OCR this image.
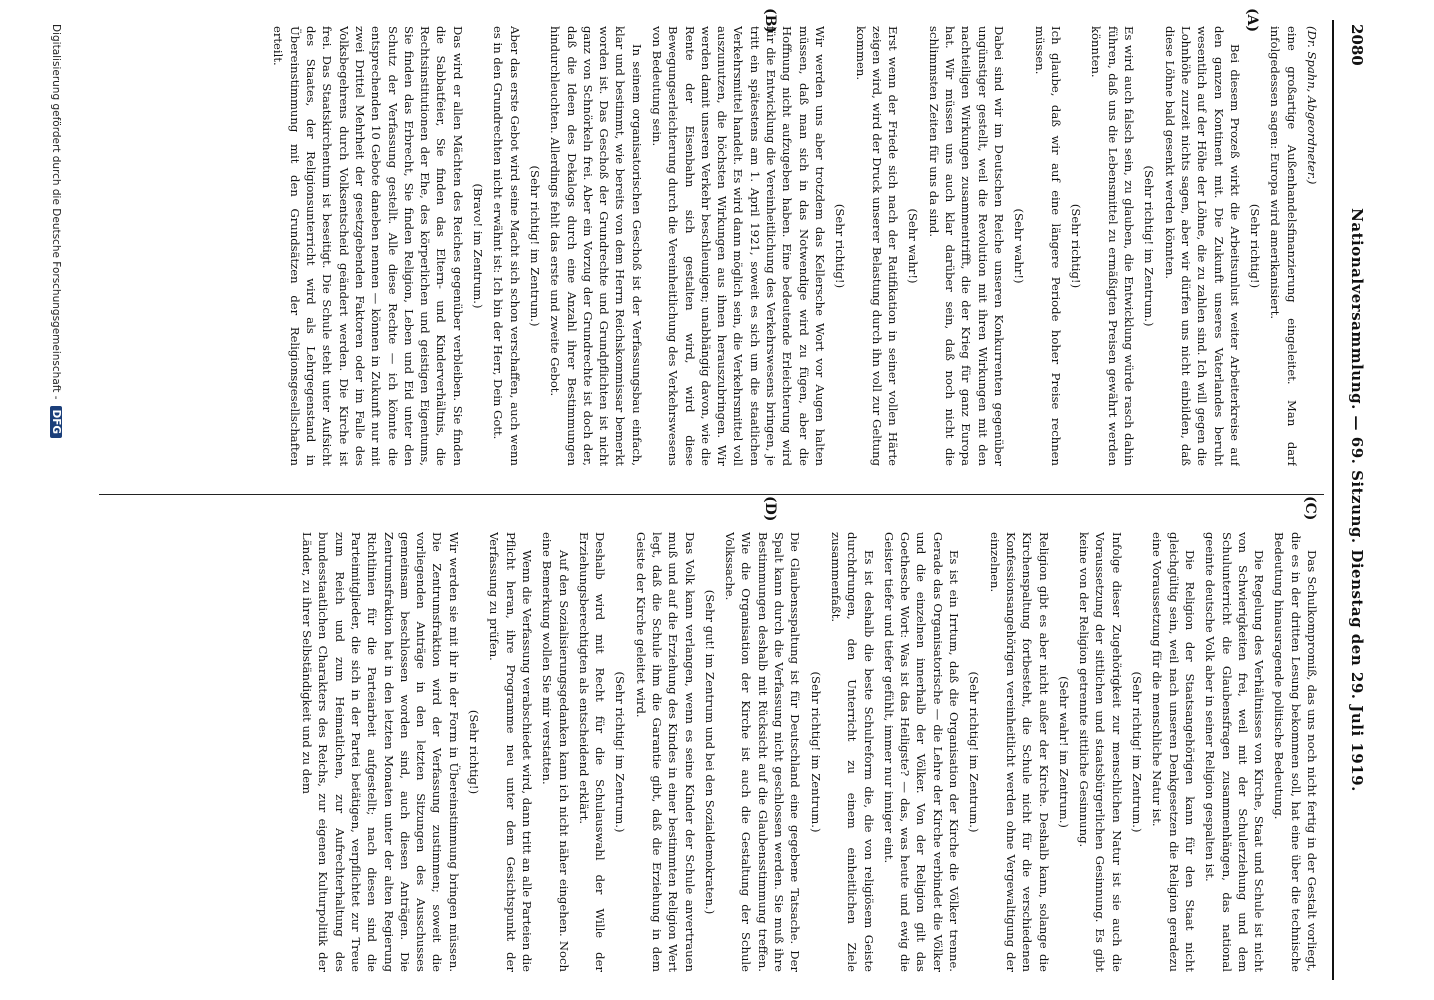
2080
Nationalversammlung. — 69. Sitzung. Dienstag den 29. Juli 1919.
(A)
(B)
(C)
(D)

(Dr. Spahn, Abgeordneter.)

eine großartige Außenhandelsfinanzierung eingeleitet. Man darf infolgedessen sagen: Europa wird amerikanisiert.

(Sehr richtig!)

Bei diesem Prozeß wirkt die Arbeitsunlust weiter Arbeiterkreise auf den ganzen Kontinent mit. Die Zukunft unseres Vaterlandes beruht wesentlich auf der Höhe der Löhne, die zu zahlen sind. Ich will gegen die Lohnhöhe zurzeit nichts sagen, aber wir dürfen uns nicht einbilden, daß diese Löhne bald gesenkt werden könnten.

(Sehr richtig! im Zentrum.)

Es wird auch falsch sein, zu glauben, die Entwicklung würde rasch dahin führen, daß uns die Lebensmittel zu ermäßigten Preisen gewährt werden könnten.

(Sehr richtig!)

Ich glaube, daß wir auf eine längere Periode hoher Preise rechnen müssen.

(Sehr wahr!)

Dabei sind wir im Deutschen Reiche unseren Konkurrenten gegenüber ungünstiger gestellt, weil die Revolution mit ihren Wirkungen mit den nachteiligen Wirkungen zusammentrifft, die der Krieg für ganz Europa hat. Wir müssen uns auch klar darüber sein, daß noch nicht die schlimmsten Zeiten für uns da sind.

(Sehr wahr!)

Erst wenn der Friede sich nach der Ratifikation in seiner vollen Härte zeigen wird, wird der Druck unserer Belastung durch ihn voll zur Geltung kommen.

(Sehr richtig!)

Wir werden uns aber trotzdem das Kellersche Wort vor Augen halten müssen, daß man sich in das Notwendige wird zu fügen, aber die Hoffnung nicht aufzugeben haben. Eine bedeutende Erleichterung wird für die Entwicklung die Vereinheitlichung des Verkehrswesens bringen, je tritt ein spätestens am 1. April 1921, soweit es sich um die staatlichen Verkehrsmittel handelt. Es wird dann möglich sein, die Verkehrsmittel voll auszunutzen, die höchsten Wirkungen aus ihnen herauszubringen. Wir werden damit unseren Verkehr beschleunigen; unabhängig davon, wie die Rente der Eisenbahn sich gestalten wird, wird diese Bewegungserleichterung durch die Vereinheitlichung des Verkehrswesens von Bedeutung sein.

In seinem organisatorischen Geschoß ist der Verfassungsbau einfach, klar und bestimmt, wie bereits von dem Herrn Reichskommissar bemerkt worden ist. Das Geschoß der Grundrechte und Grundpflichten ist nicht ganz von Schnörkeln frei. Aber ein Vorzug der Grundrechte ist doch der, daß die Ideen des Dekalogs durch eine Anzahl ihrer Bestimmungen hindurchleuchten. Allerdings fehlt das erste und zweite Gebot.

(Sehr richtig! im Zentrum.)

Aber das erste Gebot wird seine Macht sich schon verschaffen, auch wenn es in den Grundrechten nicht erwähnt ist: Ich bin der Herr, Dein Gott.

(Bravo! im Zentrum.)

Das wird er allen Mächten des Reiches gegenüber verbleiben. Sie finden die Sabbatfeier, Sie finden das Eltern- und Kinderverhältnis, die Rechtsinstitutionen der Ehe, des körperlichen und geistigen Eigentums, Sie finden das Erbrecht, Sie finden Religion, Leben und Eid unter den Schutz der Verfassung gestellt. Alle diese Rechte — ich könnte die entsprechenden 10 Gebote daneben nennen — können in Zukunft nur mit zwei Drittel Mehrheit der gesetzgebenden Faktoren oder im Falle des Volksbegehrens durch Volksentscheid geändert werden. Die Kirche ist frei. Das Staatskirchentum ist beseitigt. Die Schule steht unter Aufsicht des Staates, der Religionsunterricht wird als Lehrgegenstand in Übereinstimmung mit den Grundsätzen der Religionsgesellschaften erteilt.

Das Schulkompromiß, das uns noch nicht fertig in der Gestalt vorliegt, die es in der dritten Lesung bekommen soll, hat eine über die technische Bedeutung hinausragende politische Bedeutung.

Die Regelung des Verhältnisses von Kirche, Staat und Schule ist nicht von Schwierigkeiten frei, weil mit der Schulerziehung und dem Schulunterricht die Glaubensfragen zusammenhängen, das national geeinte deutsche Volk aber in seiner Religion gespalten ist.

Die Religion der Staatsangehörigen kann für den Staat nicht gleichgültig sein, weil nach unseren Denkgesetzen die Religion geradezu eine Voraussetzung für die menschliche Natur ist.

(Sehr richtig! im Zentrum.)

Infolge dieser Zugehörigkeit zur menschlichen Natur ist sie auch die Voraussetzung der sittlichen und staatsbürgerlichen Gesinnung. Es gibt keine von der Religion getrennte sittliche Gesinnung.

(Sehr wahr! im Zentrum.)

Religion gibt es aber nicht außer der Kirche. Deshalb kann, solange die Kirchenspaltung fortbesteht, die Schule nicht für die verschiedenen Konfessionsangehörigen vereinheitlicht werden ohne Vergewaltigung der einzelnen.

(Sehr richtig! im Zentrum.)

Es ist ein Irrtum, daß die Organisation der Kirche die Völker trenne. Gerade das Organisatorische — die Lehre der Kirche verbindet die Völker und die einzelnen innerhalb der Völker. Von der Religion gilt das Goethesche Wort: Was ist das Heiligste? — das, was heute und ewig die Geister tiefer und tiefer gefühlt, immer nur inniger eint.

Es ist deshalb die beste Schulreform die, die von religiösem Geiste durchdrungen, den Unterricht zu einem einheitlichen Ziele zusammenfaßt.

(Sehr richtig! im Zentrum.)

Die Glaubensspaltung ist für Deutschland eine gegebene Tatsache. Der Spalt kann durch die Verfassung nicht geschlossen werden. Sie muß ihre Bestimmungen deshalb mit Rücksicht auf die Glaubensstimmung treffen. Wie die Organisation der Kirche ist auch die Gestaltung der Schule Volkssache.

(Sehr gut! im Zentrum und bei den Sozialdemokraten.)

Das Volk kann verlangen, wenn es seine Kinder der Schule anvertrauen muß und auf die Erziehung des Kindes in einer bestimmten Religion Wert legt, daß die Schule ihm die Garantie gibt, daß die Erziehung in dem Geiste der Kirche geleitet wird.

(Sehr richtig! im Zentrum.)

Deshalb wird mit Recht für die Schulauswahl der Wille der Erziehungsberechtigten als entscheidend erklärt.

Auf den Sozialisierungsgedanken kann ich nicht näher eingehen. Noch eine Bemerkung wollen Sie mir verstatten.

Wenn die Verfassung verabschiedet wird, dann tritt an alle Parteien die Pflicht heran, ihre Programme neu unter dem Gesichtspunkt der Verfassung zu prüfen.

(Sehr richtig!)

Wir werden sie mit ihr in der Form in Übereinstimmung bringen müssen. Die Zentrumsfraktion wird der Verfassung zustimmen; soweit die vorliegenden Anträge in den letzten Sitzungen des Ausschusses gemeinsam beschlossen worden sind, auch diesen Anträgen. Die Zentrumsfraktion hat in den letzten Monaten unter der alten Regierung Richtlinien für die Parteiarbeit aufgestellt; nach diesen sind die Parteimitglieder, die sich in der Partei betätigen, verpflichtet zur Treue zum Reich und zum Heimatlichen, zur Aufrechterhaltung des bundesstaatlichen Charakters des Reichs, zur eigenen Kulturpolitik der Länder, zu ihrer Selbständigkeit und zu dem

Digitalisierung gefördert durch die Deutsche Forschungsgemeinschaft -DFG
